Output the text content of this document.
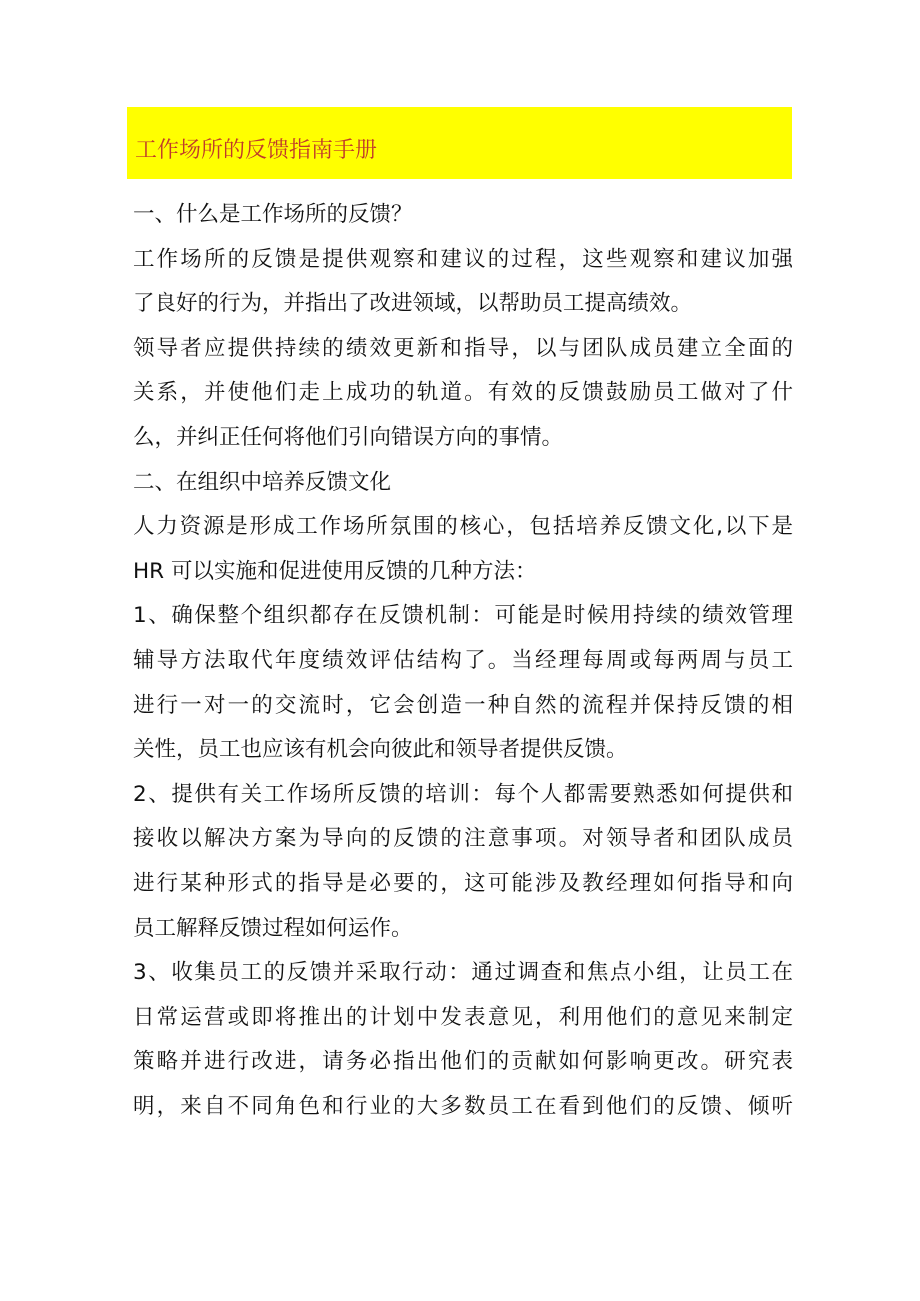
工作场所的反馈指南手册
一、什么是工作场所的反馈？
工作场所的反馈是提供观察和建议的过程，这些观察和建议加强
了良好的行为，并指出了改进领域，以帮助员工提高绩效。
领导者应提供持续的绩效更新和指导，以与团队成员建立全面的
关系，并使他们走上成功的轨道。有效的反馈鼓励员工做对了什
么，并纠正任何将他们引向错误方向的事情。
二、在组织中培养反馈文化
人力资源是形成工作场所氛围的核心，包括培养反馈文化,以下是
HR 可以实施和促进使用反馈的几种方法：
1、确保整个组织都存在反馈机制：可能是时候用持续的绩效管理
辅导方法取代年度绩效评估结构了。当经理每周或每两周与员工
进行一对一的交流时，它会创造一种自然的流程并保持反馈的相
关性，员工也应该有机会向彼此和领导者提供反馈。
2、提供有关工作场所反馈的培训：每个人都需要熟悉如何提供和
接收以解决方案为导向的反馈的注意事项。对领导者和团队成员
进行某种形式的指导是必要的，这可能涉及教经理如何指导和向
员工解释反馈过程如何运作。
3、收集员工的反馈并采取行动：通过调查和焦点小组，让员工在
日常运营或即将推出的计划中发表意见，利用他们的意见来制定
策略并进行改进，请务必指出他们的贡献如何影响更改。研究表
明，来自不同角色和行业的大多数员工在看到他们的反馈、倾听
